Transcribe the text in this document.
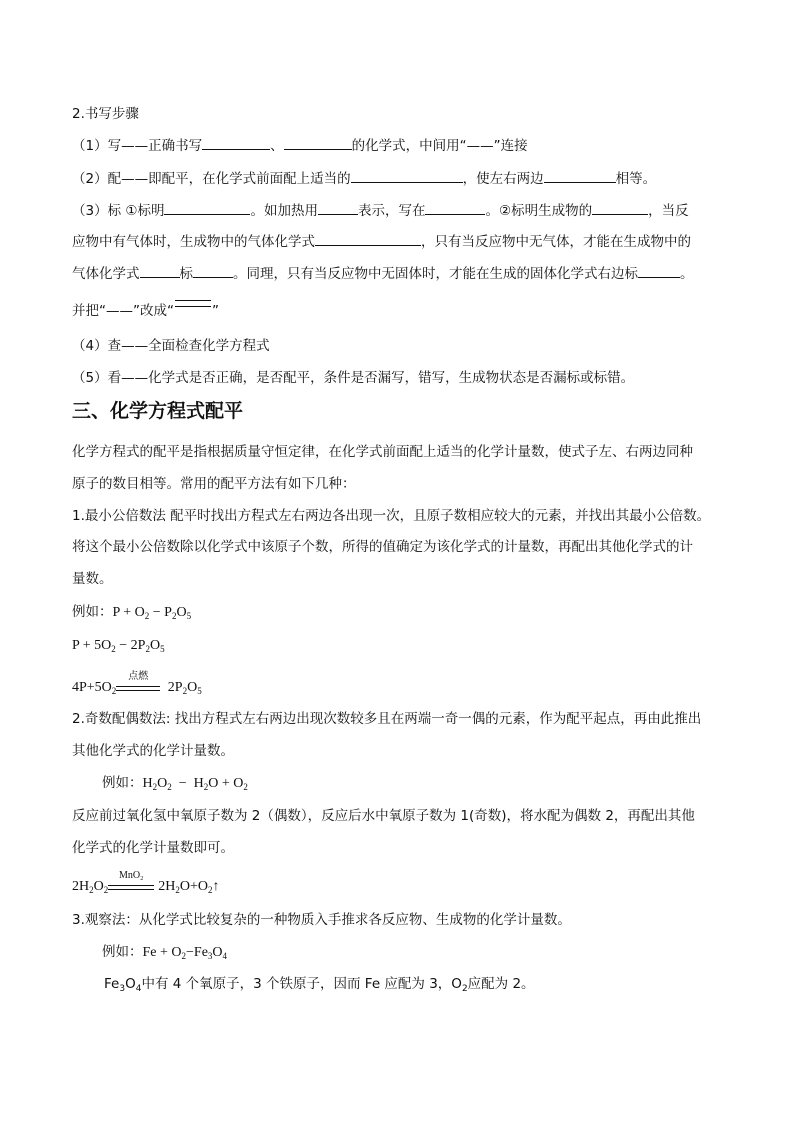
2.书写步骤
（1）写——正确书写	、	的化学式，中间用“——”连接
（2）配——即配平，在化学式前面配上适当的	，使左右两边	相等。
（3）标 ①标明	。如加热用	表示，写在	。②标明生成物的	，当反
应物中有气体时，生成物中的气体化学式	，只有当反应物中无气体，才能在生成物中的
气体化学式	标	。同理，只有当反应物中无固体时，才能在生成的固体化学式右边标	。
并把“——”改成“	”
（4）查——全面检查化学方程式
（5）看——化学式是否正确，是否配平，条件是否漏写，错写，生成物状态是否漏标或标错。
三、化学方程式配平
化学方程式的配平是指根据质量守恒定律，在化学式前面配上适当的化学计量数，使式子左、右两边同种
原子的数目相等。常用的配平方法有如下几种：
1.最小公倍数法 配平时找出方程式左右两边各出现一次，且原子数相应较大的元素，并找出其最小公倍数。
将这个最小公倍数除以化学式中该原子个数，所得的值确定为该化学式的计量数，再配出其他化学式的计
量数。
例如：$P + O_2 - P_2O_5$
$P + 5O_2 - 2P_2O_5$
$4P+5O_2$
点燃
$2P_2O_5$
2.奇数配偶数法: 找出方程式左右两边出现次数较多且在两端一奇一偶的元素，作为配平起点，再由此推出
其他化学式的化学计量数。
例如：$H_2O_2 - H_2O + O_2$
反应前过氧化氢中氧原子数为 2（偶数），反应后水中氧原子数为 1(奇数)，将水配为偶数 2，再配出其他
化学式的化学计量数即可。
$2H_2O_2$
MnO₂
$2H_2O+O_2↑$
3.观察法：从化学式比较复杂的一种物质入手推求各反应物、生成物的化学计量数。
例如：$Fe + O_2-Fe_3O_4$
$Fe_3O_4$中有 4 个氧原子，3 个铁原子，因而 Fe 应配为 3，$O_2$应配为 2。
